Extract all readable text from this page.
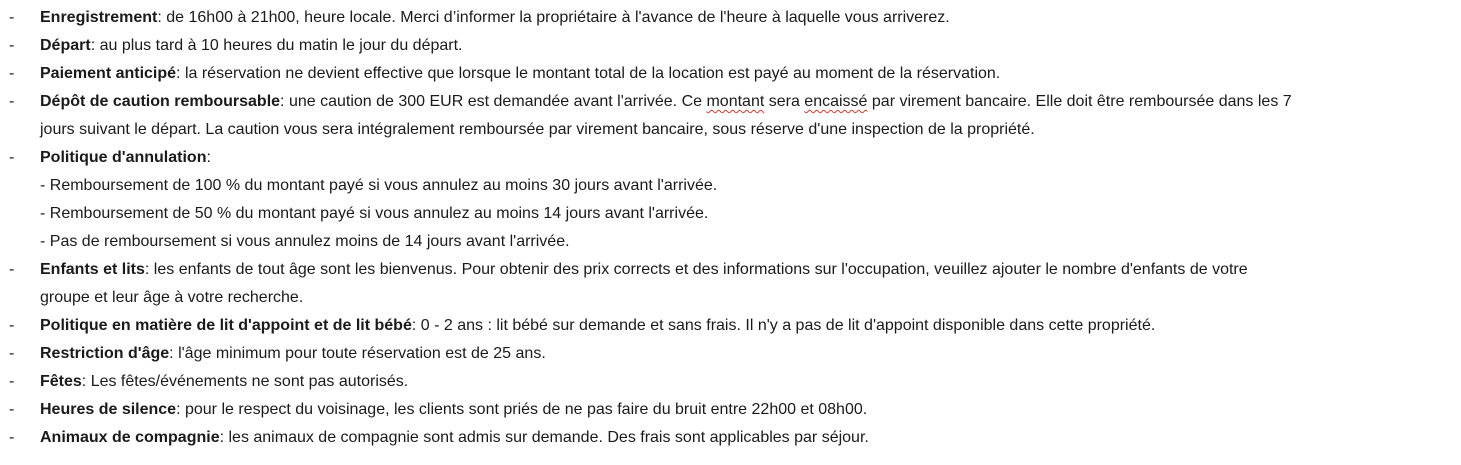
- Enregistrement: de 16h00 à 21h00, heure locale. Merci d’informer la propriétaire à l'avance de l'heure à laquelle vous arriverez.
- Départ: au plus tard à 10 heures du matin le jour du départ.
- Paiement anticipé: la réservation ne devient effective que lorsque le montant total de la location est payé au moment de la réservation.
- Dépôt de caution remboursable: une caution de 300 EUR est demandée avant l'arrivée. Ce montant sera encaissé par virement bancaire. Elle doit être remboursée dans les 7
jours suivant le départ. La caution vous sera intégralement remboursée par virement bancaire, sous réserve d'une inspection de la propriété.
- Politique d'annulation:
- Remboursement de 100 % du montant payé si vous annulez au moins 30 jours avant l'arrivée.
- Remboursement de 50 % du montant payé si vous annulez au moins 14 jours avant l'arrivée.
- Pas de remboursement si vous annulez moins de 14 jours avant l'arrivée.
- Enfants et lits: les enfants de tout âge sont les bienvenus. Pour obtenir des prix corrects et des informations sur l'occupation, veuillez ajouter le nombre d'enfants de votre
groupe et leur âge à votre recherche.
- Politique en matière de lit d'appoint et de lit bébé: 0 - 2 ans : lit bébé sur demande et sans frais. Il n'y a pas de lit d'appoint disponible dans cette propriété.
- Restriction d'âge: l'âge minimum pour toute réservation est de 25 ans.
- Fêtes: Les fêtes/événements ne sont pas autorisés.
- Heures de silence: pour le respect du voisinage, les clients sont priés de ne pas faire du bruit entre 22h00 et 08h00.
- Animaux de compagnie: les animaux de compagnie sont admis sur demande. Des frais sont applicables par séjour.
